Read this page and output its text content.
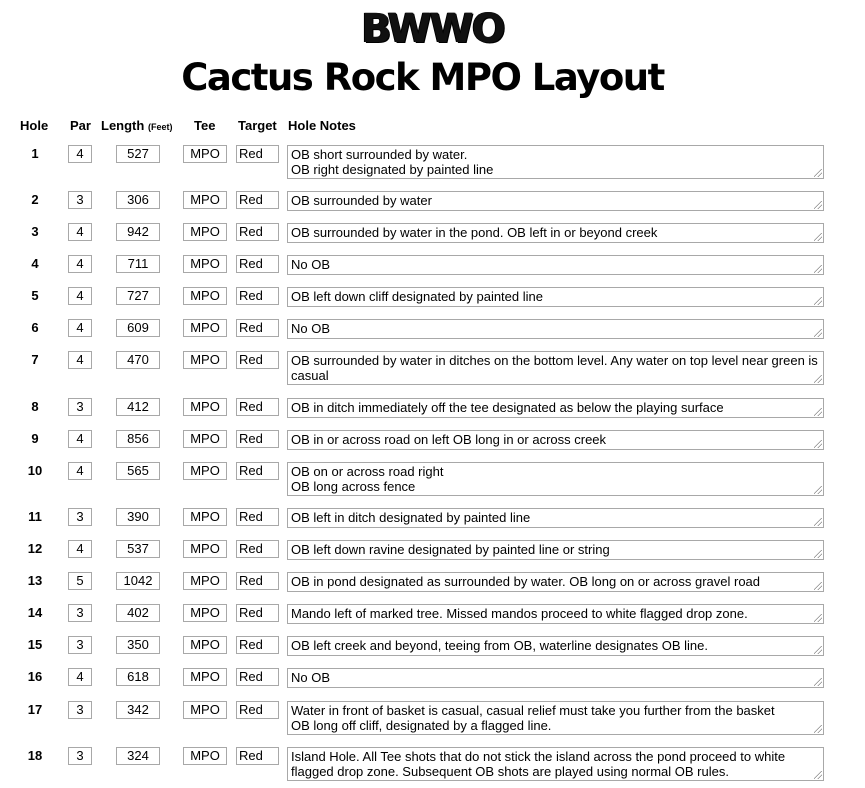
BWWO
Cactus Rock MPO Layout
Hole Par Length (Feet) Tee Target Hole Notes
1	4	527	MPO	Red	OB short surrounded by water.
OB right designated by painted line
2	3	306	MPO	Red	OB surrounded by water
3	4	942	MPO	Red	OB surrounded by water in the pond. OB left in or beyond creek
4	4	711	MPO	Red	No OB
5	4	727	MPO	Red	OB left down cliff designated by painted line
6	4	609	MPO	Red	No OB
7	4	470	MPO	Red	OB surrounded by water in ditches on the bottom level. Any water on top level near green is casual
8	3	412	MPO	Red	OB in ditch immediately off the tee designated as below the playing surface
9	4	856	MPO	Red	OB in or across road on left OB long in or across creek
10	4	565	MPO	Red	OB on or across road right
OB long across fence
11	3	390	MPO	Red	OB left in ditch designated by painted line
12	4	537	MPO	Red	OB left down ravine designated by painted line or string
13	5	1042	MPO	Red	OB in pond designated as surrounded by water. OB long on or across gravel road
14	3	402	MPO	Red	Mando left of marked tree. Missed mandos proceed to white flagged drop zone.
15	3	350	MPO	Red	OB left creek and beyond, teeing from OB, waterline designates OB line.
16	4	618	MPO	Red	No OB
17	3	342	MPO	Red	Water in front of basket is casual, casual relief must take you further from the basket
OB long off cliff, designated by a flagged line.
18	3	324	MPO	Red	Island Hole. All Tee shots that do not stick the island across the pond proceed to white flagged drop zone. Subsequent OB shots are played using normal OB rules.
